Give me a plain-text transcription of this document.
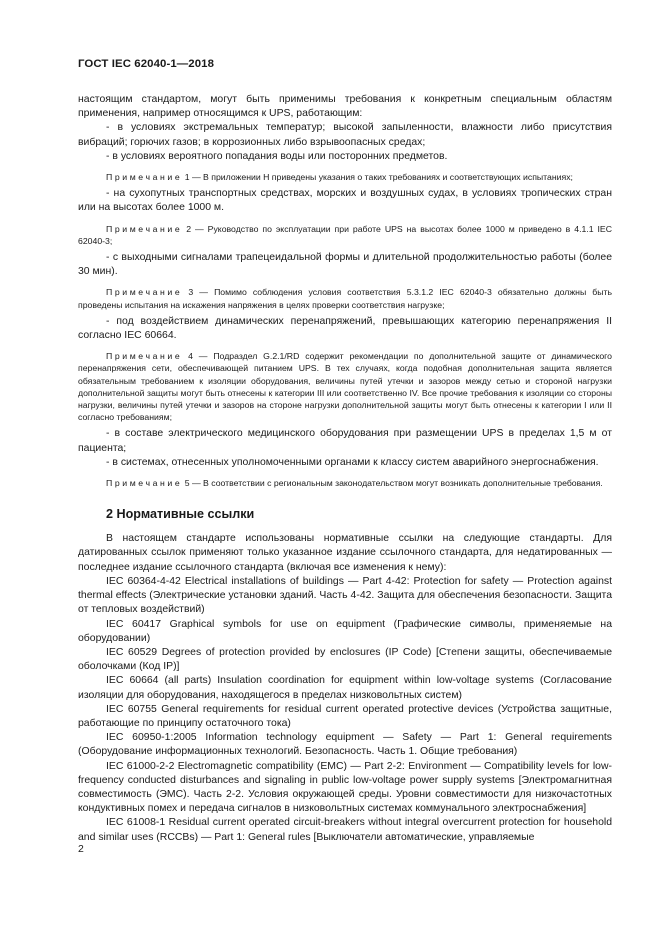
ГОСТ IEC 62040-1—2018

настоящим стандартом, могут быть применимы требования к конкретным специальным областям применения, например относящимся к UPS, работающим:

- в условиях экстремальных температур; высокой запыленности, влажности либо присутствия вибраций; горючих газов; в коррозионных либо взрывоопасных средах;

- в условиях вероятного попадания воды или посторонних предметов.

Примечание 1 — В приложении Н приведены указания о таких требованиях и соответствующих испытаниях;

- на сухопутных транспортных средствах, морских и воздушных судах, в условиях тропических стран или на высотах более 1000 м.

Примечание 2 — Руководство по эксплуатации при работе UPS на высотах более 1000 м приведено в 4.1.1 IEC 62040-3;

- с выходными сигналами трапецеидальной формы и длительной продолжительностью работы (более 30 мин).

Примечание 3 — Помимо соблюдения условия соответствия 5.3.1.2 IEC 62040-3 обязательно должны быть проведены испытания на искажения напряжения в целях проверки соответствия нагрузке;

- под воздействием динамических перенапряжений, превышающих категорию перенапряжения II согласно IEC 60664.

Примечание 4 — Подраздел G.2.1/RD содержит рекомендации по дополнительной защите от динамического перенапряжения сети, обеспечивающей питанием UPS. В тех случаях, когда подобная дополнительная защита является обязательным требованием к изоляции оборудования, величины путей утечки и зазоров между сетью и стороной нагрузки дополнительной защиты могут быть отнесены к категории III или соответственно IV. Все прочие требования к изоляции со стороны нагрузки, величины путей утечки и зазоров на стороне нагрузки дополнительной защиты могут быть отнесены к категории I или II согласно требованиям;

- в составе электрического медицинского оборудования при размещении UPS в пределах 1,5 м от пациента;

- в системах, отнесенных уполномоченными органами к классу систем аварийного энергоснабжения.

Примечание 5 — В соответствии с региональным законодательством могут возникать дополнительные требования.

2 Нормативные ссылки

В настоящем стандарте использованы нормативные ссылки на следующие стандарты. Для датированных ссылок применяют только указанное издание ссылочного стандарта, для недатированных — последнее издание ссылочного стандарта (включая все изменения к нему):

IEC 60364-4-42 Electrical installations of buildings — Part 4-42: Protection for safety — Protection against thermal effects (Электрические установки зданий. Часть 4-42. Защита для обеспечения безопасности. Защита от тепловых воздействий)

IEC 60417 Graphical symbols for use on equipment (Графические символы, применяемые на оборудовании)

IEC 60529 Degrees of protection provided by enclosures (IP Code) [Степени защиты, обеспечиваемые оболочками (Код IP)]

IEC 60664 (all parts) Insulation coordination for equipment within low-voltage systems (Согласование изоляции для оборудования, находящегося в пределах низковольтных систем)

IEC 60755 General requirements for residual current operated protective devices (Устройства защитные, работающие по принципу остаточного тока)

IEC 60950-1:2005 Information technology equipment — Safety — Part 1: General requirements (Оборудование информационных технологий. Безопасность. Часть 1. Общие требования)

IEC 61000-2-2 Electromagnetic compatibility (EMC) — Part 2-2: Environment — Compatibility levels for low-frequency conducted disturbances and signaling in public low-voltage power supply systems [Электромагнитная совместимость (ЭМС). Часть 2-2. Условия окружающей среды. Уровни совместимости для низкочастотных кондуктивных помех и передача сигналов в низковольтных системах коммунального электроснабжения]

IEC 61008-1 Residual current operated circuit-breakers without integral overcurrent protection for household and similar uses (RCCBs) — Part 1: General rules [Выключатели автоматические, управляемые

2
